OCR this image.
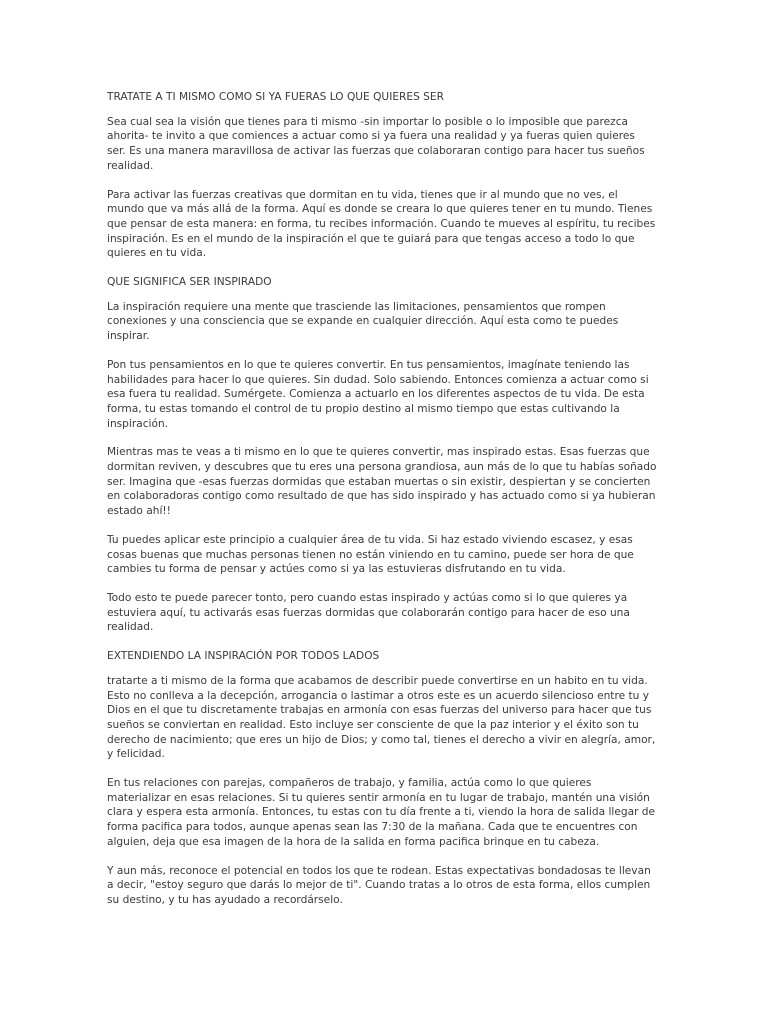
TRATATE A TI MISMO COMO SI YA FUERAS LO QUE QUIERES SER

Sea cual sea la visión que tienes para ti mismo -sin importar lo posible o lo imposible que parezca
ahorita- te invito a que comiences a actuar como si ya fuera una realidad y ya fueras quien quieres
ser. Es una manera maravillosa de activar las fuerzas que colaboraran contigo para hacer tus sueños
realidad.

Para activar las fuerzas creativas que dormitan en tu vida, tienes que ir al mundo que no ves, el
mundo que va más allá de la forma. Aquí es donde se creara lo que quieres tener en tu mundo. Tienes
que pensar de esta manera: en forma, tu recibes información. Cuando te mueves al espíritu, tu recibes
inspiración. Es en el mundo de la inspiración el que te guiará para que tengas acceso a todo lo que
quieres en tu vida.

QUE SIGNIFICA SER INSPIRADO

La inspiración requiere una mente que trasciende las limitaciones, pensamientos que rompen
conexiones y una consciencia que se expande en cualquier dirección. Aquí esta como te puedes
inspirar.

Pon tus pensamientos en lo que te quieres convertir. En tus pensamientos, imagínate teniendo las
habilidades para hacer lo que quieres. Sin dudad. Solo sabiendo. Entonces comienza a actuar como si
esa fuera tu realidad. Sumérgete. Comienza a actuarlo en los diferentes aspectos de tu vida. De esta
forma, tu estas tomando el control de tu propio destino al mismo tiempo que estas cultivando la
inspiración.

Mientras mas te veas a ti mismo en lo que te quieres convertir, mas inspirado estas. Esas fuerzas que
dormitan reviven, y descubres que tu eres una persona grandiosa, aun más de lo que tu habías soñado
ser. Imagina que -esas fuerzas dormidas que estaban muertas o sin existir, despiertan y se concierten
en colaboradoras contigo como resultado de que has sido inspirado y has actuado como si ya hubieran
estado ahí!!

Tu puedes aplicar este principio a cualquier área de tu vida. Si haz estado viviendo escasez, y esas
cosas buenas que muchas personas tienen no están viniendo en tu camino, puede ser hora de que
cambies tu forma de pensar y actúes como si ya las estuvieras disfrutando en tu vida.

Todo esto te puede parecer tonto, pero cuando estas inspirado y actúas como si lo que quieres ya
estuviera aquí, tu activarás esas fuerzas dormidas que colaborarán contigo para hacer de eso una
realidad.

EXTENDIENDO LA INSPIRACIÓN POR TODOS LADOS

tratarte a ti mismo de la forma que acabamos de describir puede convertirse en un habito en tu vida.
Esto no conlleva a la decepción, arrogancia o lastimar a otros este es un acuerdo silencioso entre tu y
Dios en el que tu discretamente trabajas en armonía con esas fuerzas del universo para hacer que tus
sueños se conviertan en realidad. Esto incluye ser consciente de que la paz interior y el éxito son tu
derecho de nacimiento; que eres un hijo de Dios; y como tal, tienes el derecho a vivir en alegría, amor,
y felicidad.

En tus relaciones con parejas, compañeros de trabajo, y familia, actúa como lo que quieres
materializar en esas relaciones. Si tu quieres sentir armonía en tu lugar de trabajo, mantén una visión
clara y espera esta armonía. Entonces, tu estas con tu día frente a ti, viendo la hora de salida llegar de
forma pacifica para todos, aunque apenas sean las 7:30 de la mañana. Cada que te encuentres con
alguien, deja que esa imagen de la hora de la salida en forma pacifica brinque en tu cabeza.

Y aun más, reconoce el potencial en todos los que te rodean. Estas expectativas bondadosas te llevan
a decir, "estoy seguro que darás lo mejor de ti". Cuando tratas a lo otros de esta forma, ellos cumplen
su destino, y tu has ayudado a recordárselo.
